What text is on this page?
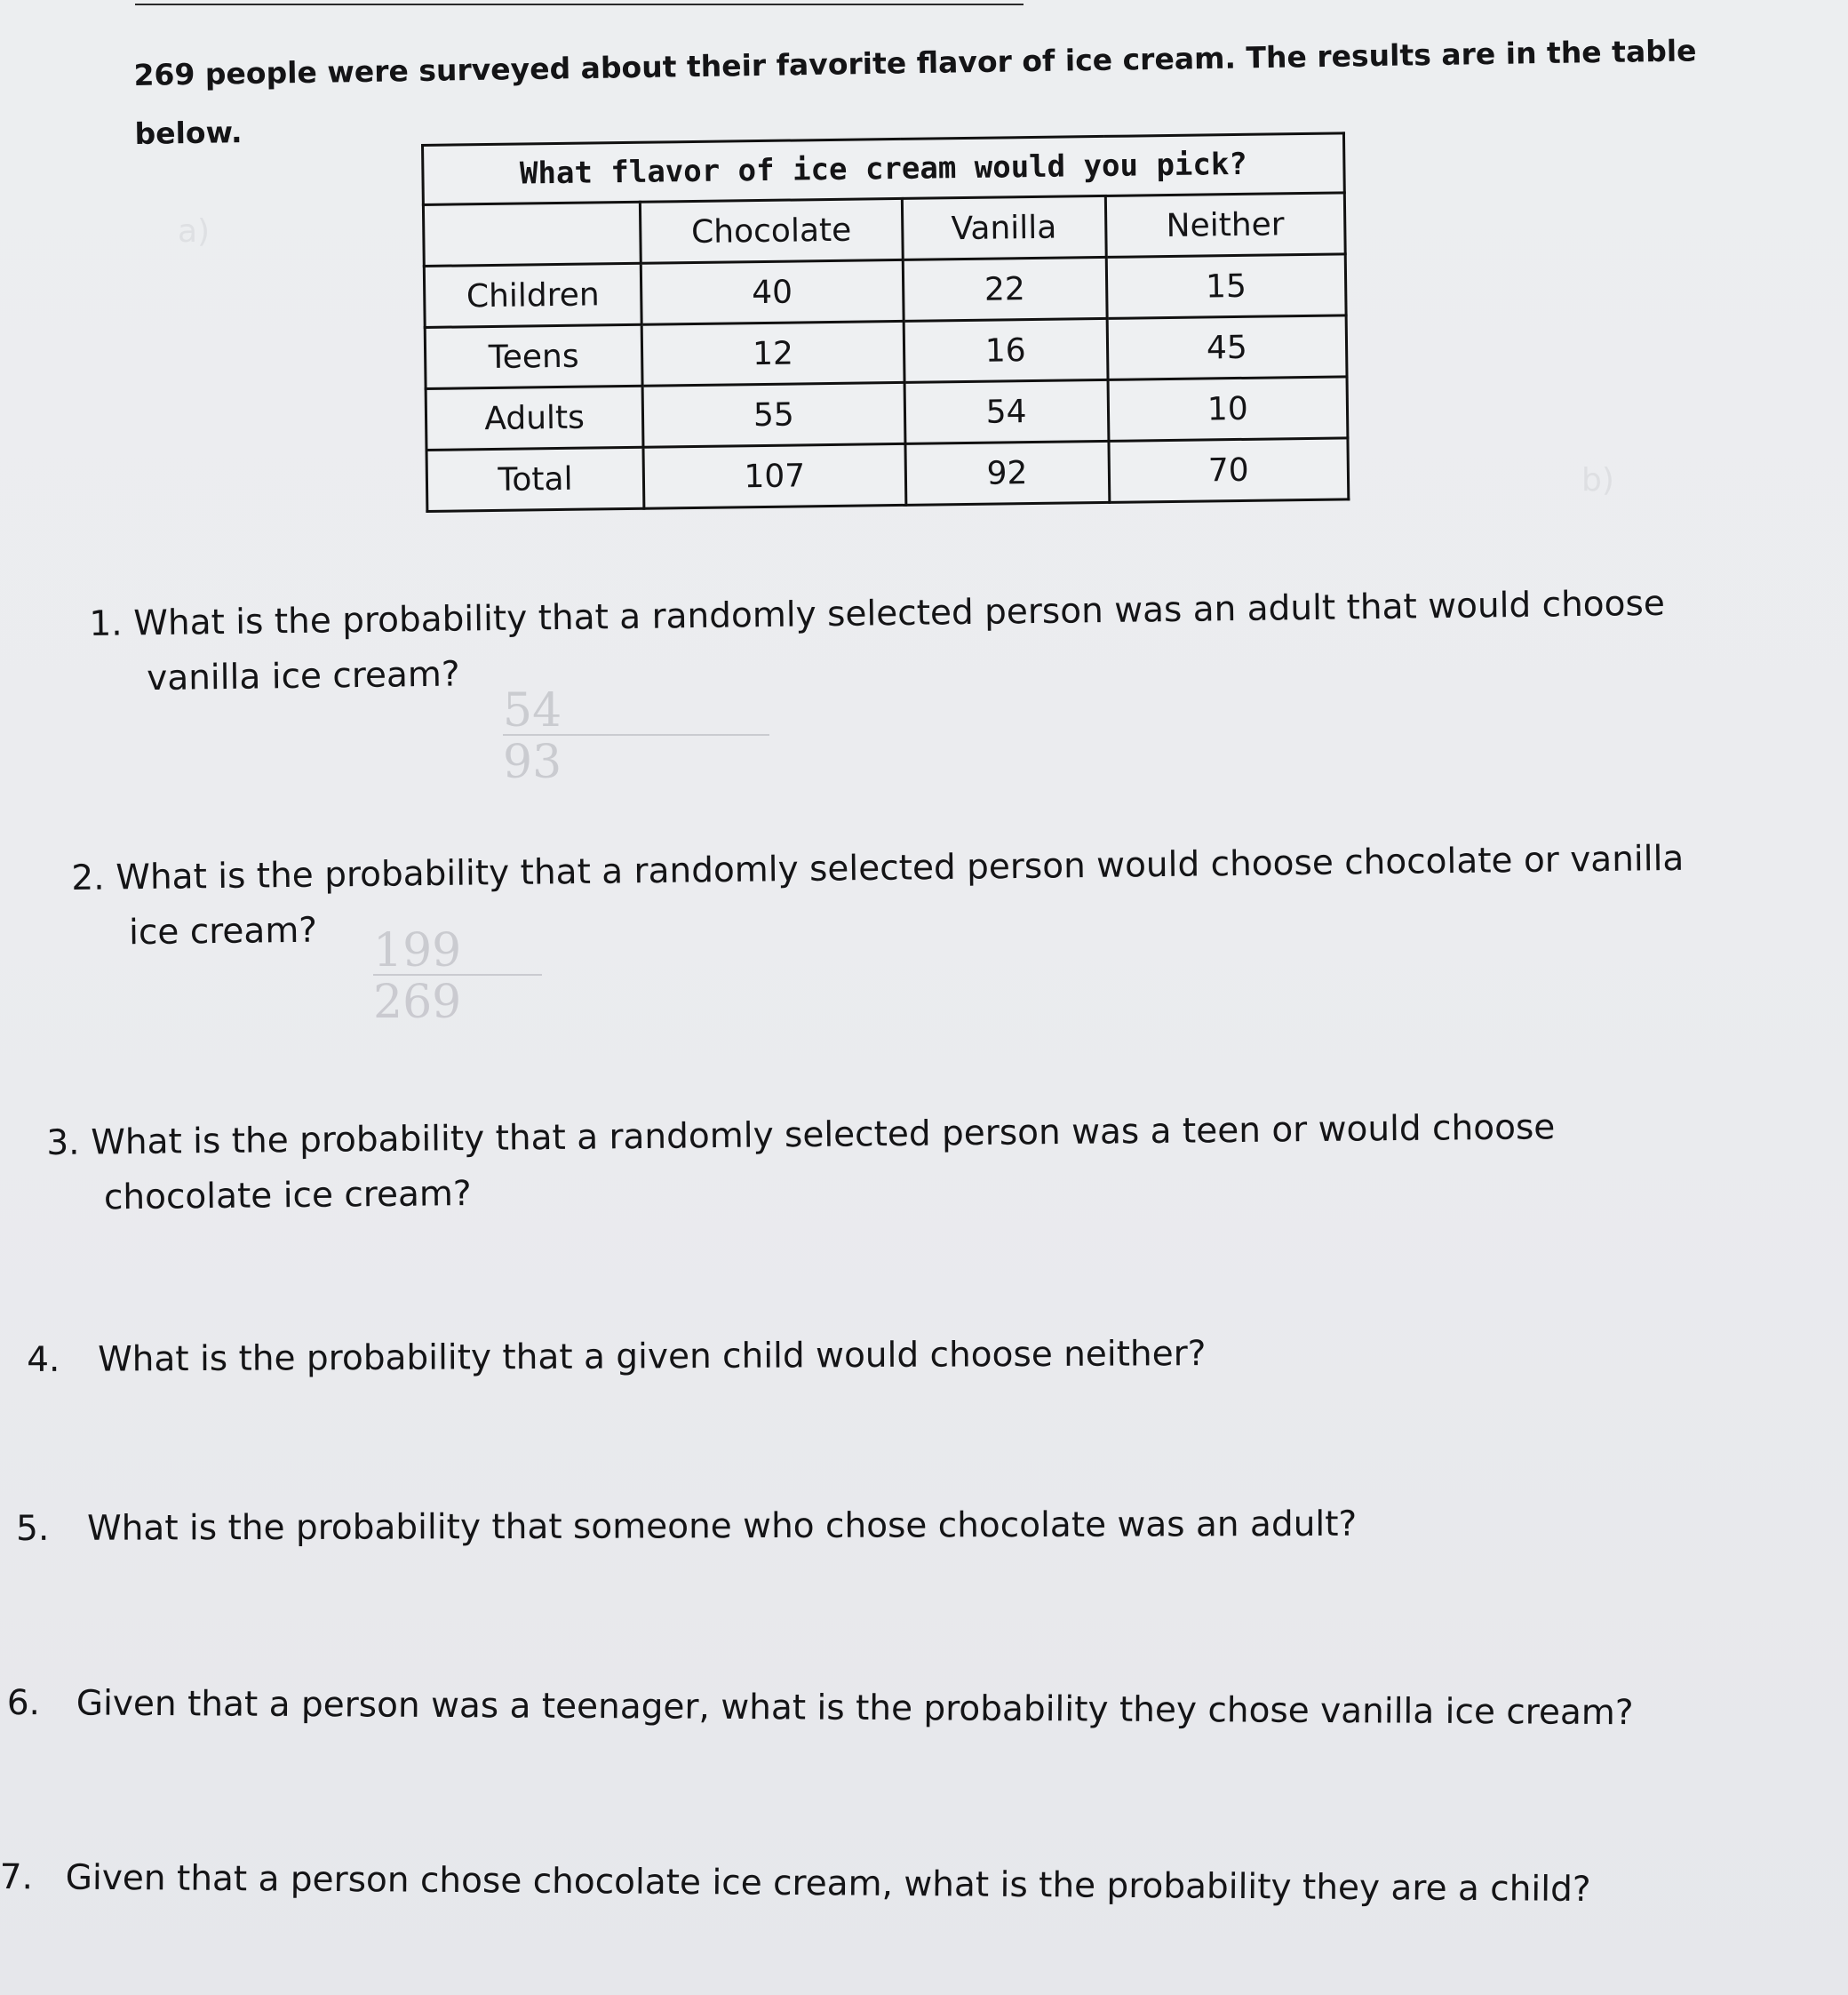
a)
b)
269 people were surveyed about their favorite flavor of ice cream. The results are in the table
below.
What flavor of ice cream would you pick?			
	Chocolate	Vanilla	Neither
Children	40	22	15
Teens	12	16	45
Adults	55	54	10
Total	107	92	70
1. What is the probability that a randomly selected person was an adult that would choose
vanilla ice cream?
54
93
2. What is the probability that a randomly selected person would choose chocolate or vanilla
ice cream?	199
269
3. What is the probability that a randomly selected person was a teen or would choose
chocolate ice cream?
4. What is the probability that a given child would choose neither?
5. What is the probability that someone who chose chocolate was an adult?
6. Given that a person was a teenager, what is the probability they chose vanilla ice cream?
7. Given that a person chose chocolate ice cream, what is the probability they are a child?
